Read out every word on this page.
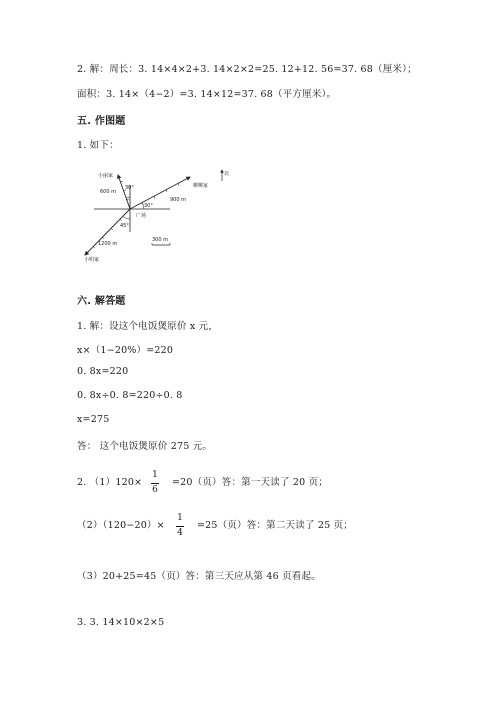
2. 解：周长：3. 14×4×2+3. 14×2×2=25. 12+12. 56=37. 68（厘米）；
面积：3. 14×（4−2）=3. 14×12=37. 68（平方厘米）。
五. 作图题
1. 如下：
北
小丽家
柳柳家
小明家
广场
600 m
900 m
1200 m
300 m
30°
30°
45°
六. 解答题
1. 解：设这个电饭煲原价 x 元，
x×（1−20%）=220
0. 8x=220
0. 8x÷0. 8=220÷0. 8
x=275
答： 这个电饭煲原价 275 元。
2. （1）120×
1
6
=20（页）答：第一天读了 20 页；
（2）（120−20）×
1
4
=25（页）答：第二天读了 25 页；
（3）20+25=45（页）答：第三天应从第 46 页看起。
3. 3. 14×10×2×5
